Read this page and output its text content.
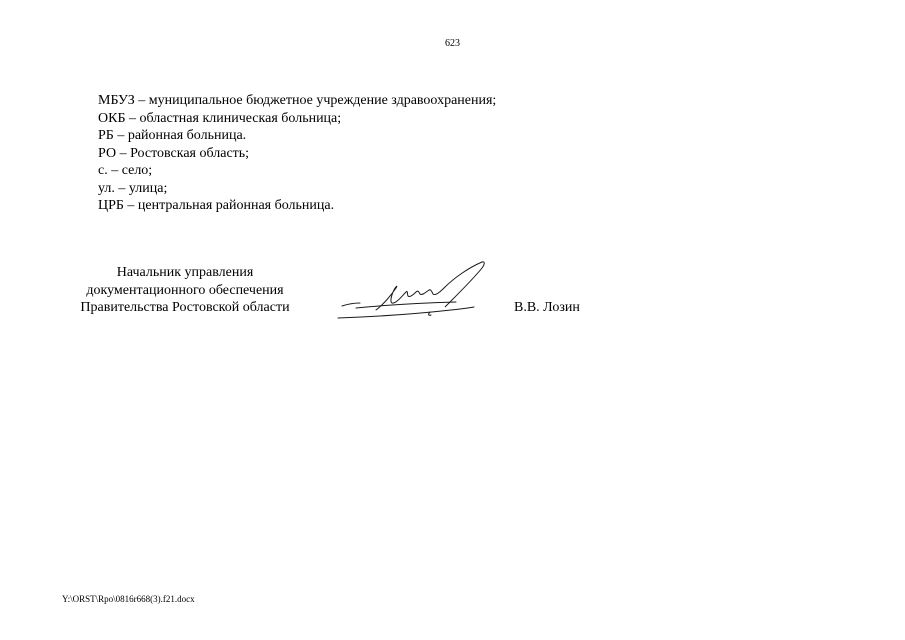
623
МБУЗ – муниципальное бюджетное учреждение здравоохранения;
ОКБ – областная клиническая больница;
РБ – районная больница.
РО – Ростовская область;
с. – село;
ул. – улица;
ЦРБ – центральная районная больница.
Начальник управления
документационного обеспечения
Правительства Ростовской области	В.В. Лозин
Y:\ORST\Rpo\0816r668(3).f21.docx
